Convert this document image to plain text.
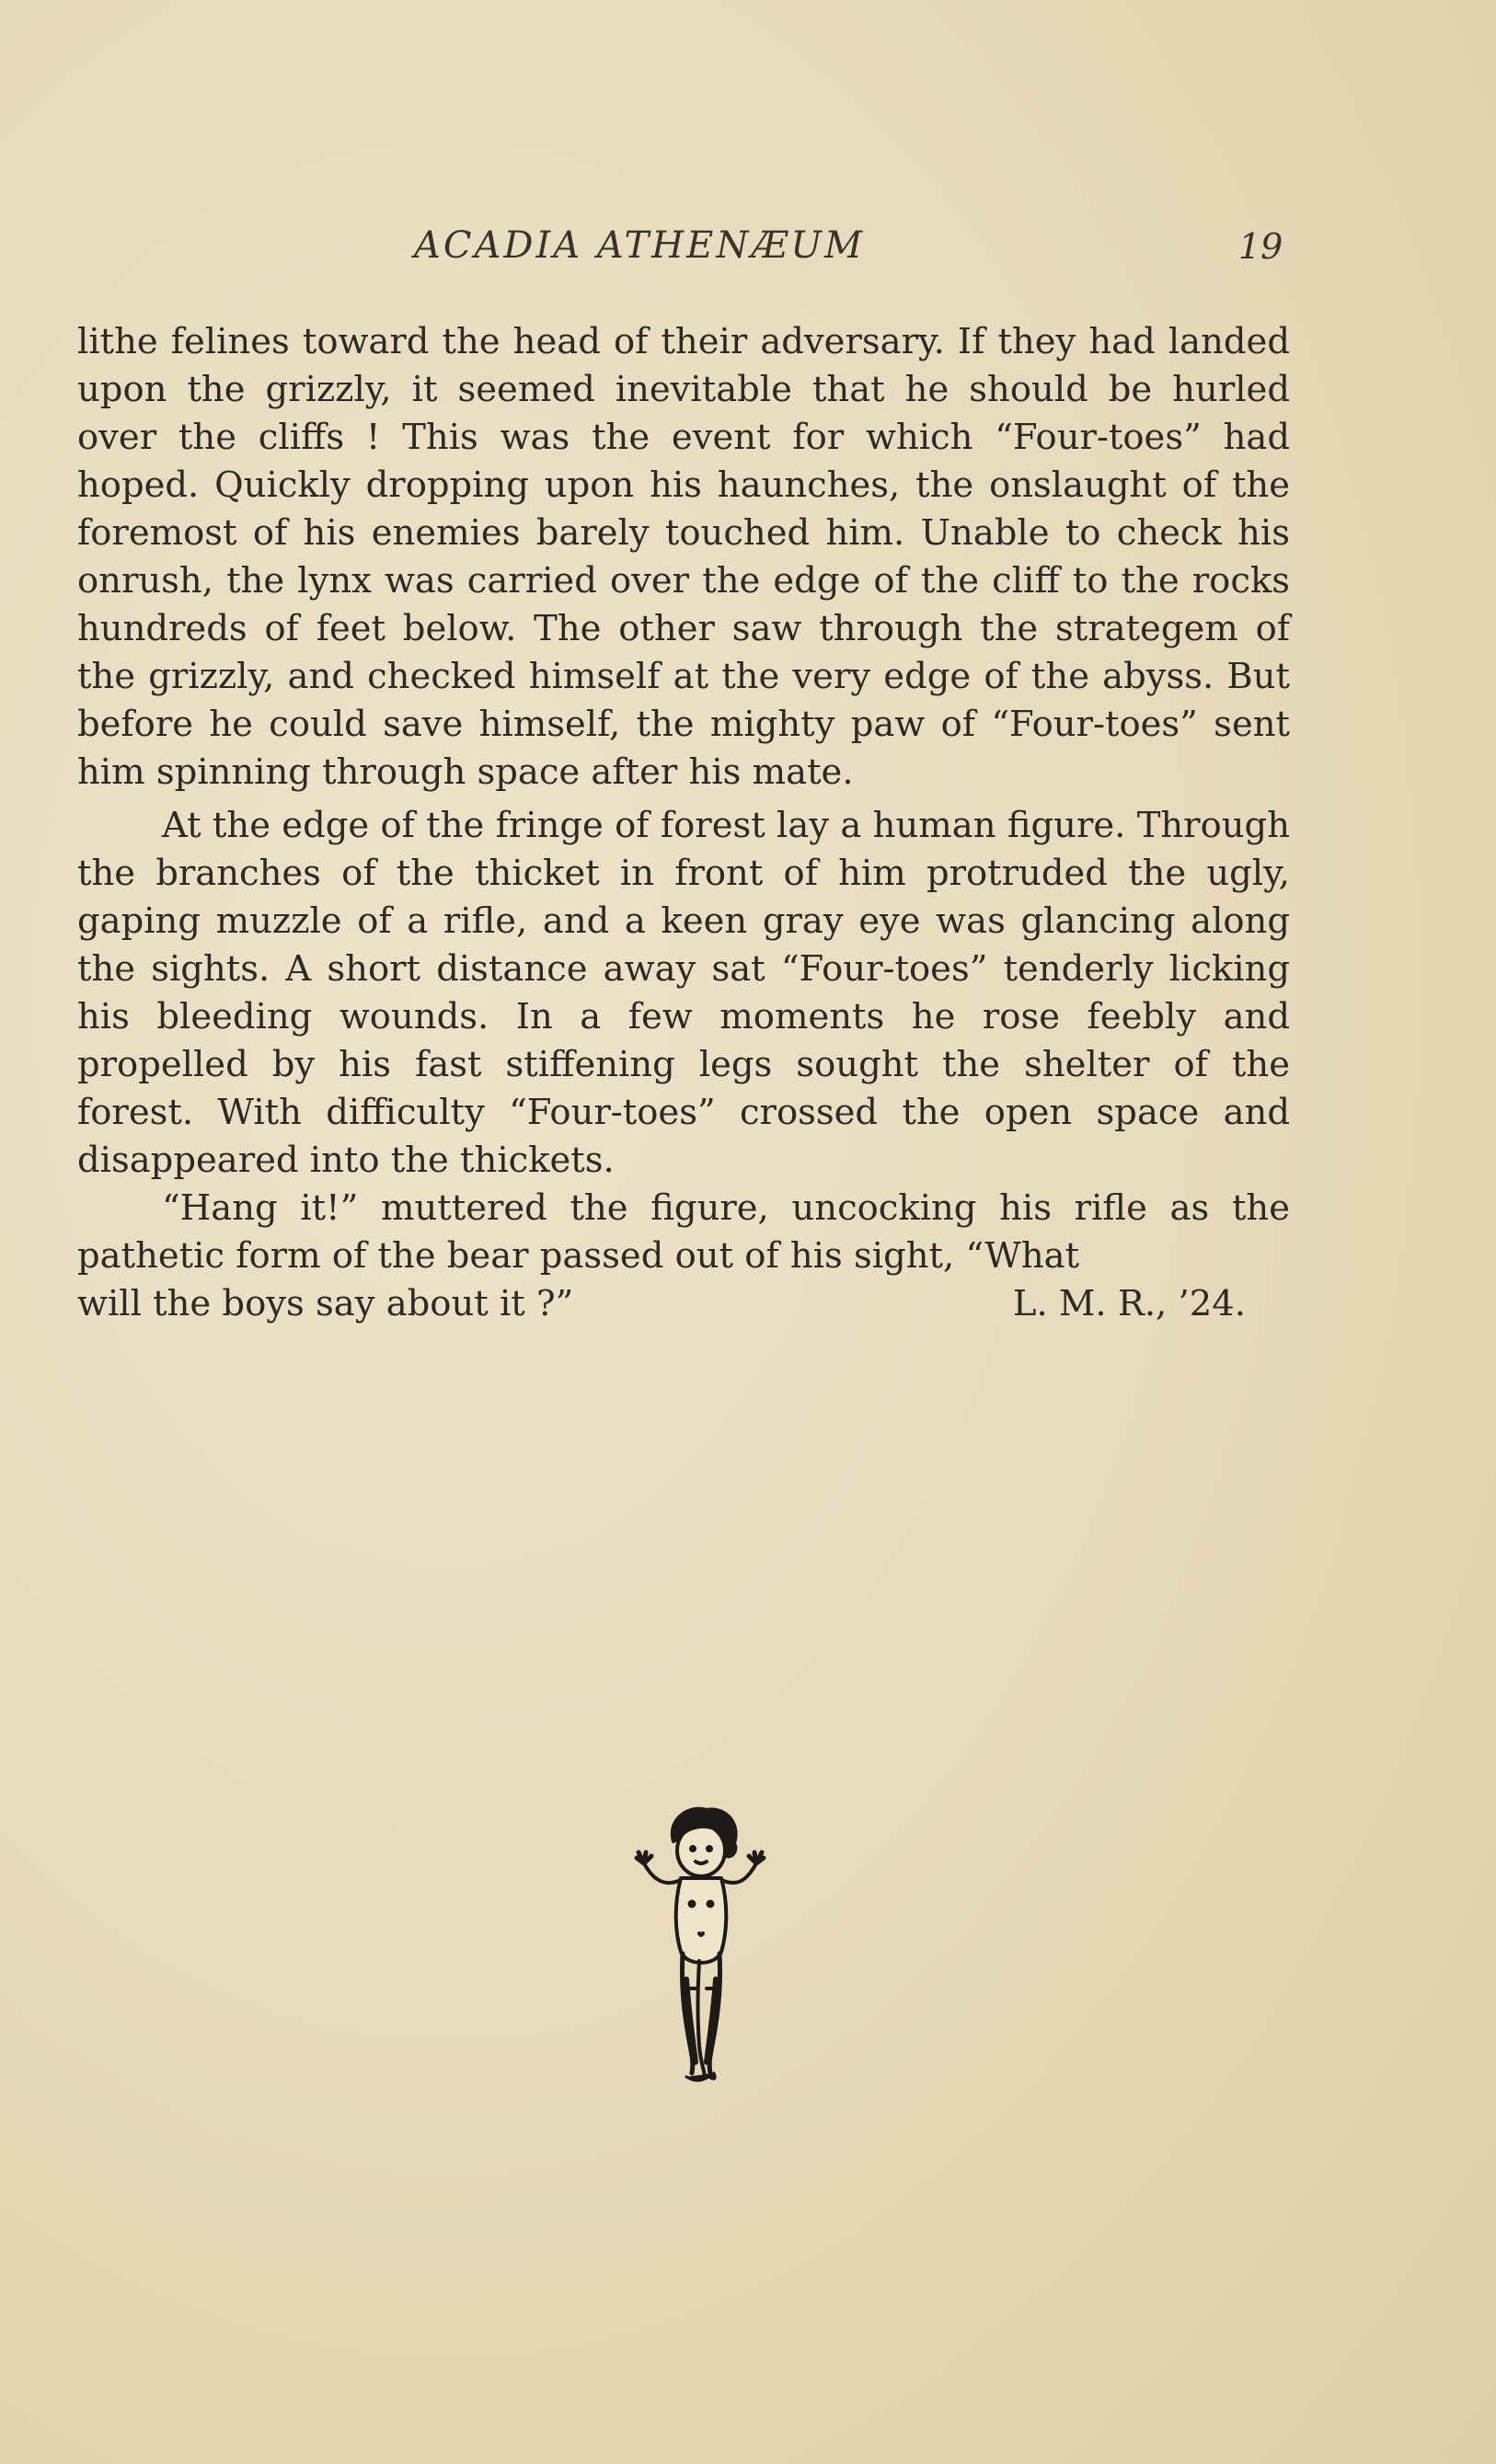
ACADIA ATHENÆUM	19

lithe felines toward the head of their adversary. If they had landed upon the grizzly, it seemed inevitable that he should be hurled over the cliffs ! This was the event for which “Four-toes” had hoped. Quickly dropping upon his haunches, the onslaught of the foremost of his enemies barely touched him. Unable to check his onrush, the lynx was carried over the edge of the cliff to the rocks hundreds of feet below. The other saw through the strategem of the grizzly, and checked himself at the very edge of the abyss. But before he could save himself, the mighty paw of “Four-toes” sent him spinning through space after his mate.

At the edge of the fringe of forest lay a human figure. Through the branches of the thicket in front of him protruded the ugly, gaping muzzle of a rifle, and a keen gray eye was glancing along the sights. A short distance away sat “Four-toes” tenderly licking his bleeding wounds. In a few moments he rose feebly and propelled by his fast stiffening legs sought the shelter of the forest. With difficulty “Four-toes” crossed the open space and disappeared into the thickets.

“Hang it!” muttered the figure, uncocking his rifle as the pathetic form of the bear passed out of his sight, “What

will the boys say about it ?”	L. M. R., ’24.
